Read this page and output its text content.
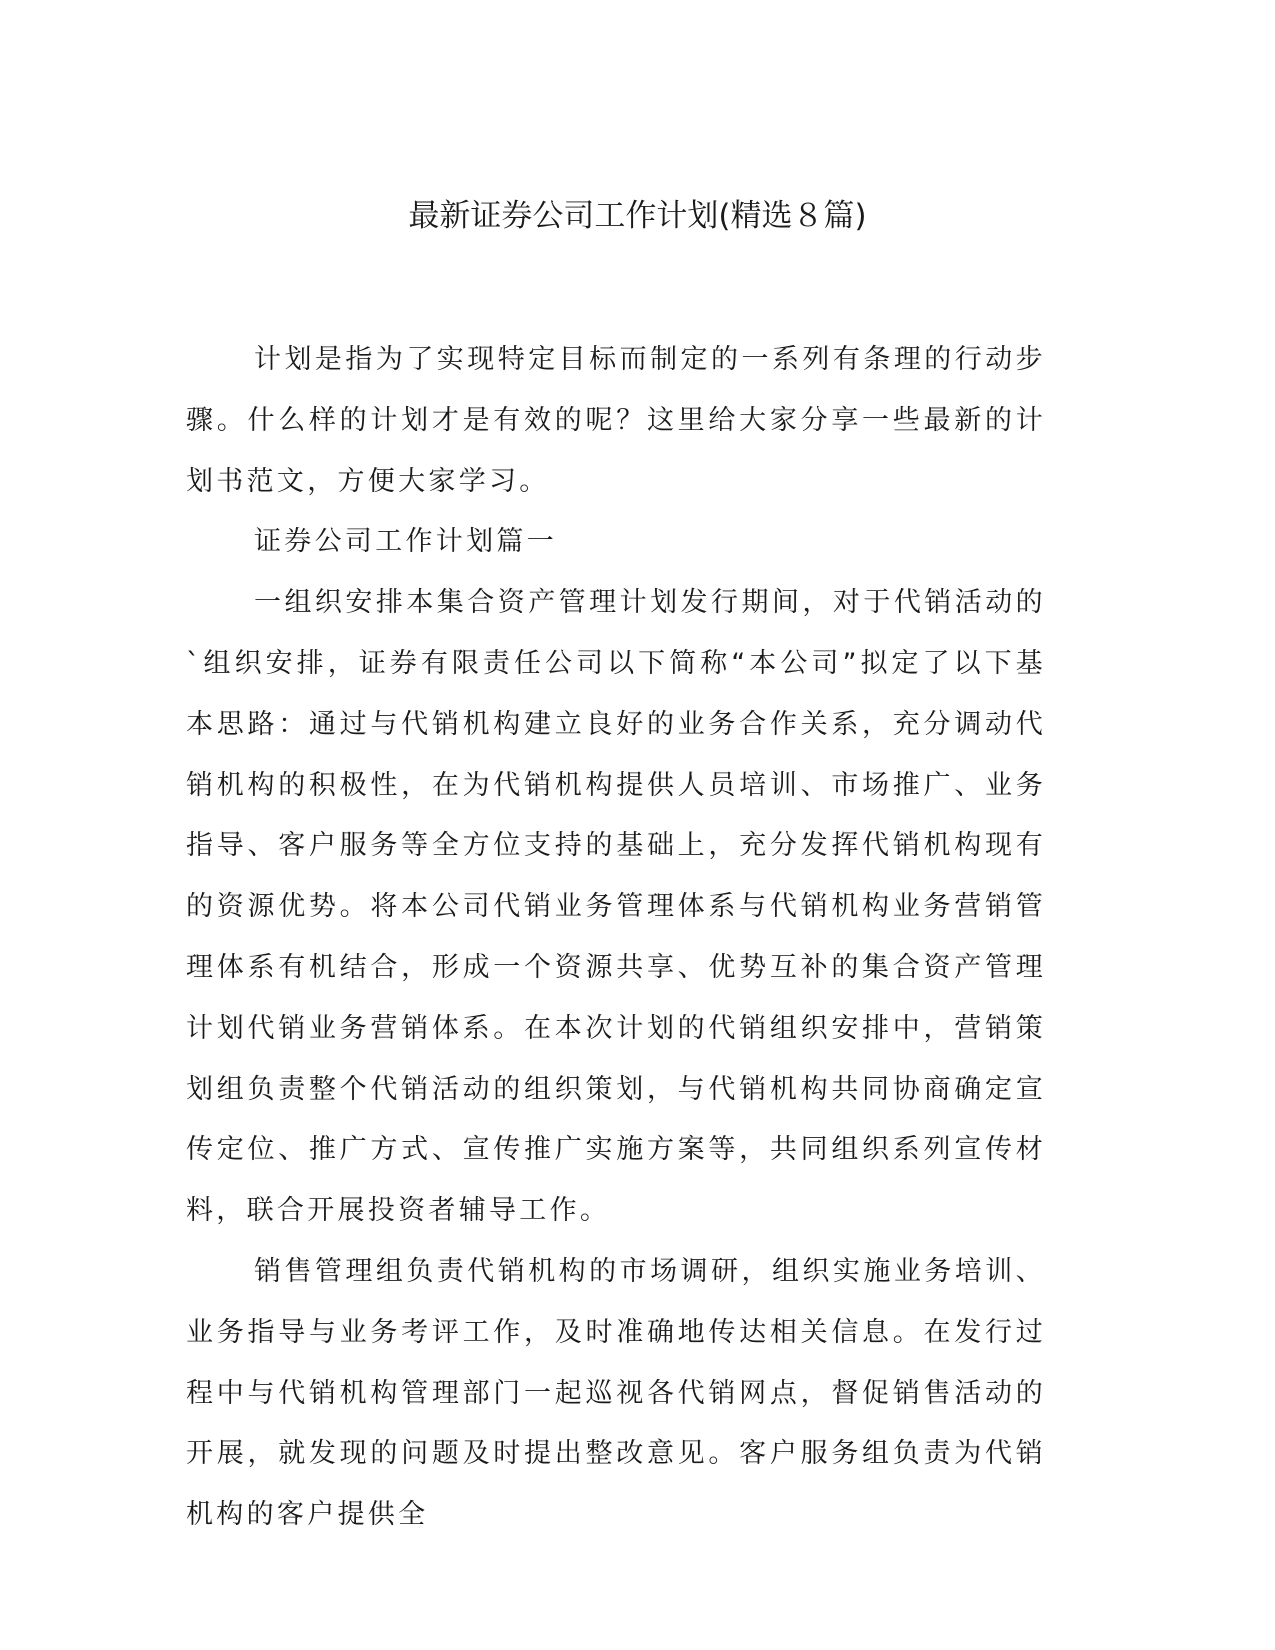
最新证券公司工作计划(精选８篇)

计划是指为了实现特定目标而制定的一系列有条理的行动步骤。什么样的计划才是有效的呢？这里给大家分享一些最新的计划书范文，方便大家学习。

证券公司工作计划篇一

一组织安排本集合资产管理计划发行期间，对于代销活动的`组织安排，证券有限责任公司以下简称“本公司”拟定了以下基本思路：通过与代销机构建立良好的业务合作关系，充分调动代销机构的积极性，在为代销机构提供人员培训、市场推广、业务指导、客户服务等全方位支持的基础上，充分发挥代销机构现有的资源优势。将本公司代销业务管理体系与代销机构业务营销管理体系有机结合，形成一个资源共享、优势互补的集合资产管理计划代销业务营销体系。在本次计划的代销组织安排中，营销策划组负责整个代销活动的组织策划，与代销机构共同协商确定宣传定位、推广方式、宣传推广实施方案等，共同组织系列宣传材料，联合开展投资者辅导工作。

销售管理组负责代销机构的市场调研，组织实施业务培训、业务指导与业务考评工作，及时准确地传达相关信息。在发行过程中与代销机构管理部门一起巡视各代销网点，督促销售活动的开展，就发现的问题及时提出整改意见。客户服务组负责为代销机构的客户提供全
